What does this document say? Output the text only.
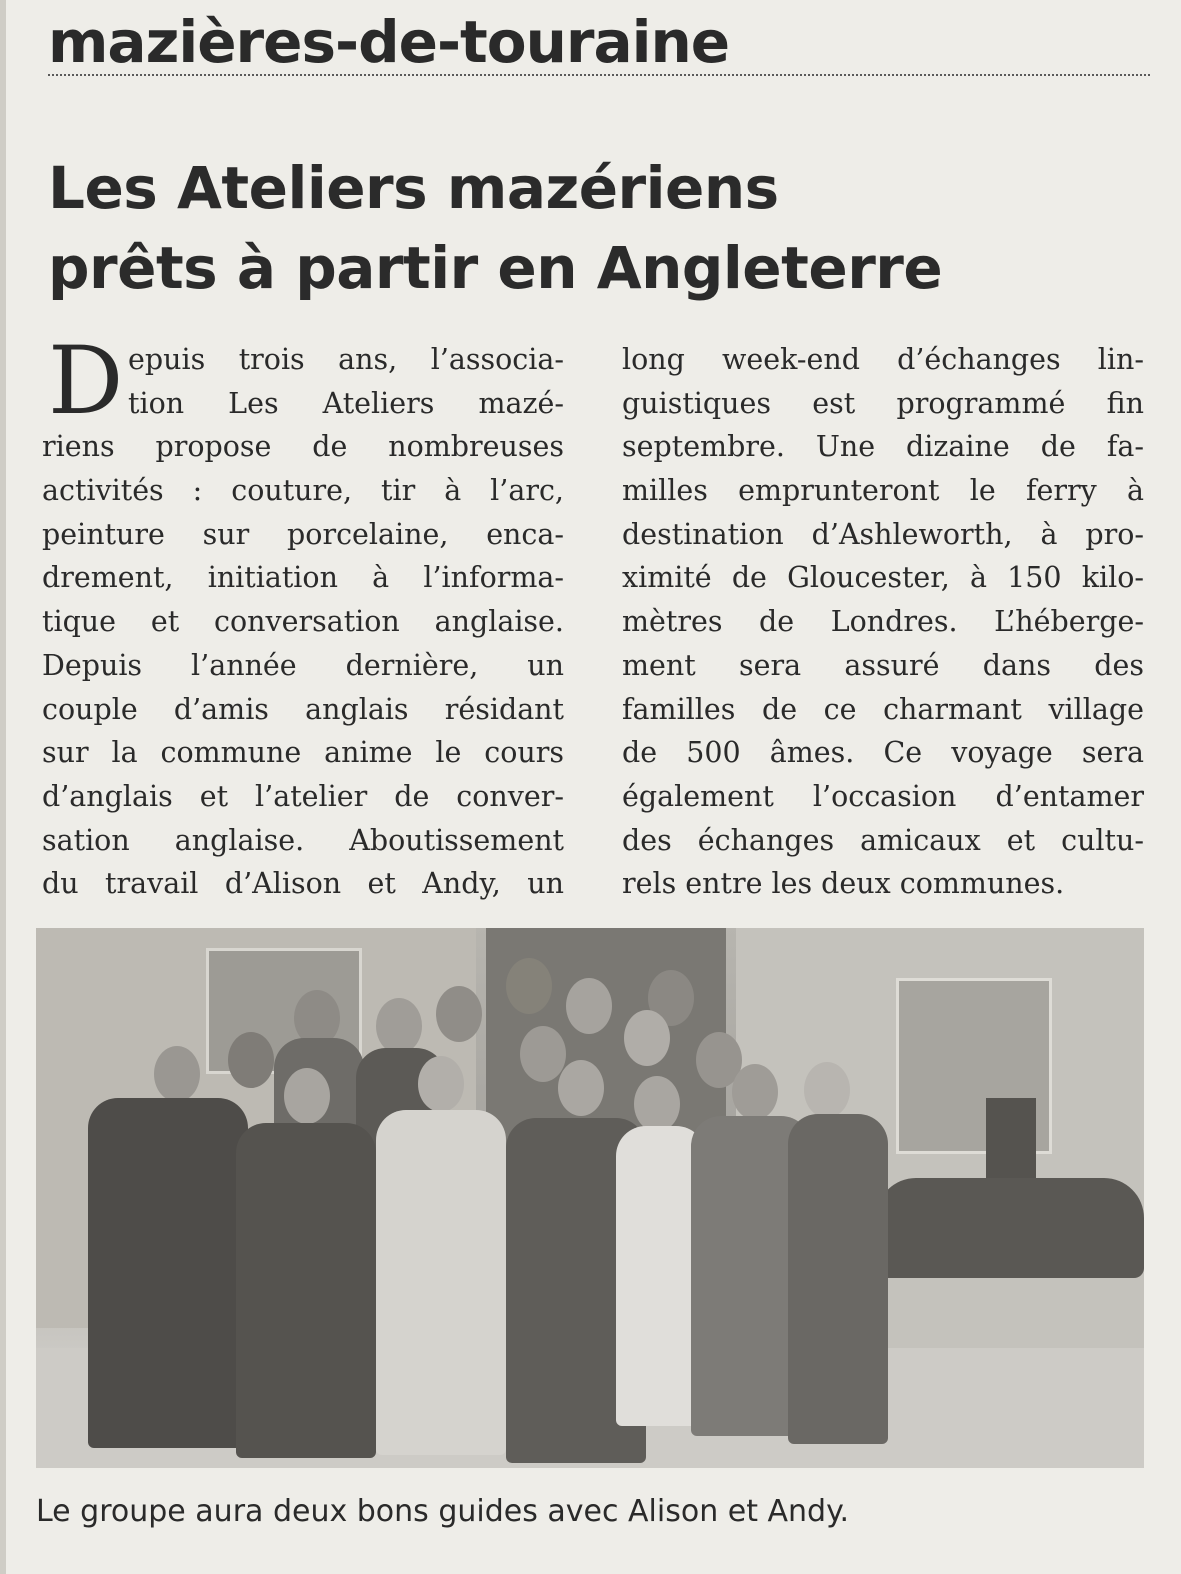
mazières-de-touraine
Les Ateliers mazériens
prêts à partir en Angleterre
D epuis trois ans, l’associa-
tion Les Ateliers mazé-
riens propose de nombreuses
activités : couture, tir à l’arc,
peinture sur porcelaine, enca-
drement, initiation à l’informa-
tique et conversation anglaise.
Depuis l’année dernière, un
couple d’amis anglais résidant
sur la commune anime le cours
d’anglais et l’atelier de conver-
sation anglaise. Aboutissement
du travail d’Alison et Andy, un
long week-end d’échanges lin-
guistiques est programmé fin
septembre. Une dizaine de fa-
milles emprunteront le ferry à
destination d’Ashleworth, à pro-
ximité de Gloucester, à 150 kilo-
mètres de Londres. L’héberge-
ment sera assuré dans des
familles de ce charmant village
de 500 âmes. Ce voyage sera
également l’occasion d’entamer
des échanges amicaux et cultu-
rels entre les deux communes.

Le groupe aura deux bons guides avec Alison et Andy.
